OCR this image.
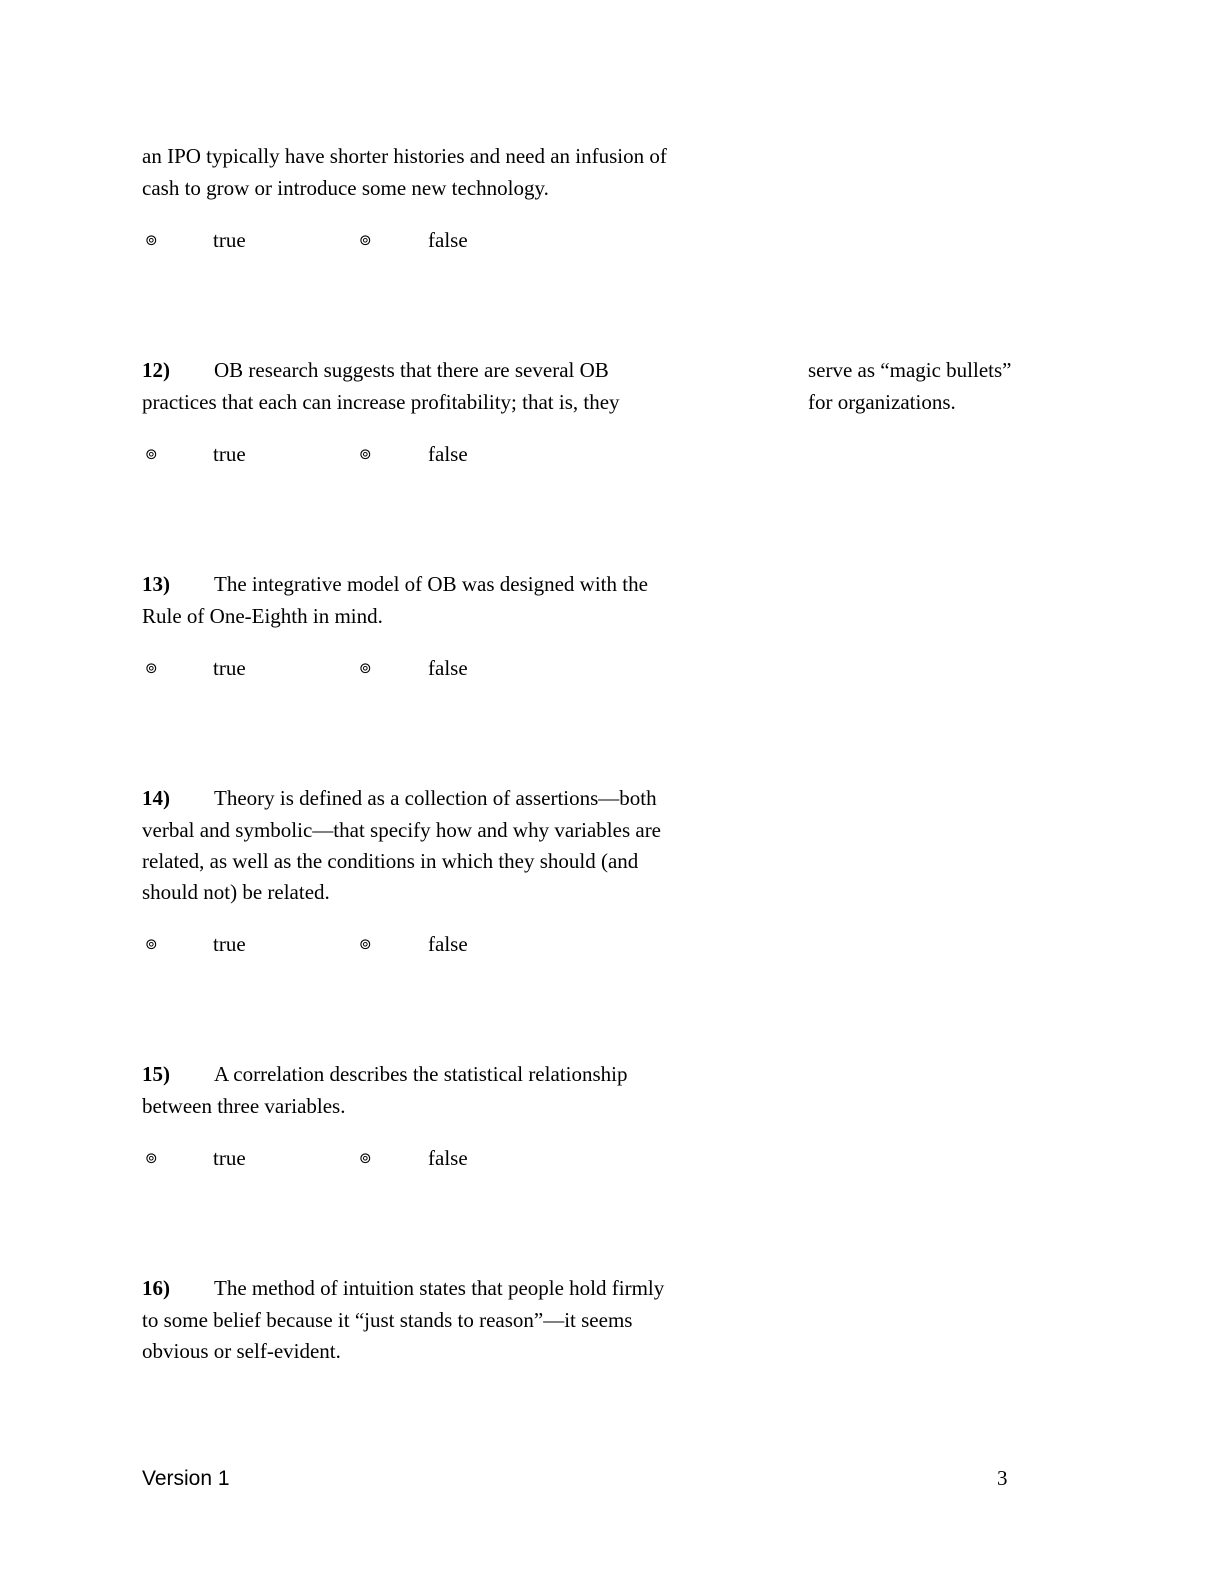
an IPO typically have shorter histories and need an infusion of
cash to grow or introduce some new technology.
⊚	true	⊚	false
12) OB research suggests that there are several OB
practices that each can increase profitability; that is, they
serve as “magic bullets”
for organizations.
⊚	true	⊚	false
13) The integrative model of OB was designed with the
Rule of One-Eighth in mind.
⊚	true	⊚	false
14) Theory is defined as a collection of assertions—both
verbal and symbolic—that specify how and why variables are
related, as well as the conditions in which they should (and
should not) be related.
⊚	true	⊚	false
15) A correlation describes the statistical relationship
between three variables.
⊚	true	⊚	false
16) The method of intuition states that people hold firmly
to some belief because it “just stands to reason”—it seems
obvious or self-evident.
Version 1	3
